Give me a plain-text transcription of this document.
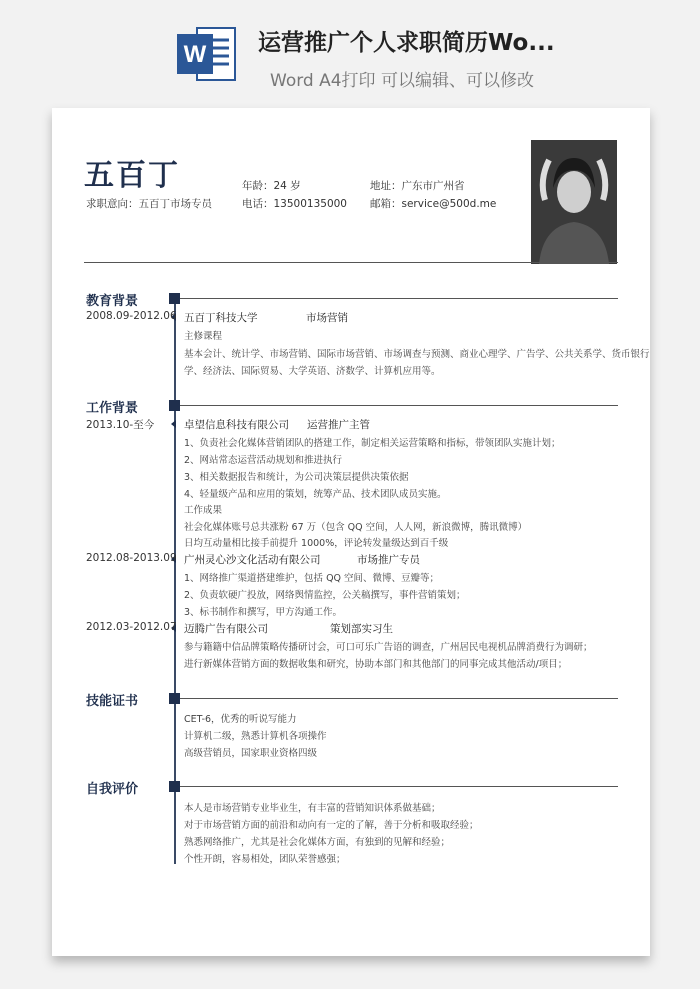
W 运营推广个人求职简历Wo...
Word A4打印 可以编辑、可以修改
五百丁
求职意向：五百丁市场专员
年龄：24 岁
电话：13500135000
地址：广东市广州省
邮箱：service@500d.me
教育背景
2008.09-2012.06 五百丁科技大学	市场营销
主修课程
基本会计、统计学、市场营销、国际市场营销、市场调查与预测、商业心理学、广告学、公共关系学、货币银行
学、经济法、国际贸易、大学英语、济数学、计算机应用等。
工作背景
2013.10-至今	卓望信息科技有限公司 运营推广主管
1、负责社会化媒体营销团队的搭建工作，制定相关运营策略和指标，带领团队实施计划；
2、网站常态运营活动规划和推进执行
3、相关数据报告和统计，为公司决策层提供决策依据
4、轻量级产品和应用的策划，统筹产品、技术团队成员实施。
工作成果
社会化媒体账号总共涨粉 67 万（包含 QQ 空间，人人网，新浪微博，腾讯微博）
日均互动量相比接手前提升 1000%，评论转发量级达到百千级
2012.08-2013.09 广州灵心沙文化活动有限公司	市场推广专员
1、网络推广渠道搭建维护，包括 QQ 空间、微博、豆瓣等；
2、负责软硬广投放，网络舆情监控，公关稿撰写，事件营销策划；
3、标书制作和撰写，甲方沟通工作。
2012.03-2012.07 迈腾广告有限公司	策划部实习生
参与籍籍中信品牌策略传播研讨会，可口可乐广告语的调查，广州居民电视机品牌消费行为调研；
进行新媒体营销方面的数据收集和研究，协助本部门和其他部门的同事完成其他活动/项目；
技能证书
CET-6，优秀的听说写能力
计算机二级，熟悉计算机各项操作
高级营销员，国家职业资格四级
自我评价
本人是市场营销专业毕业生，有丰富的营销知识体系做基础；
对于市场营销方面的前沿和动向有一定的了解，善于分析和吸取经验；
熟悉网络推广，尤其是社会化媒体方面，有独到的见解和经验；
个性开朗，容易相处，团队荣誉感强；
